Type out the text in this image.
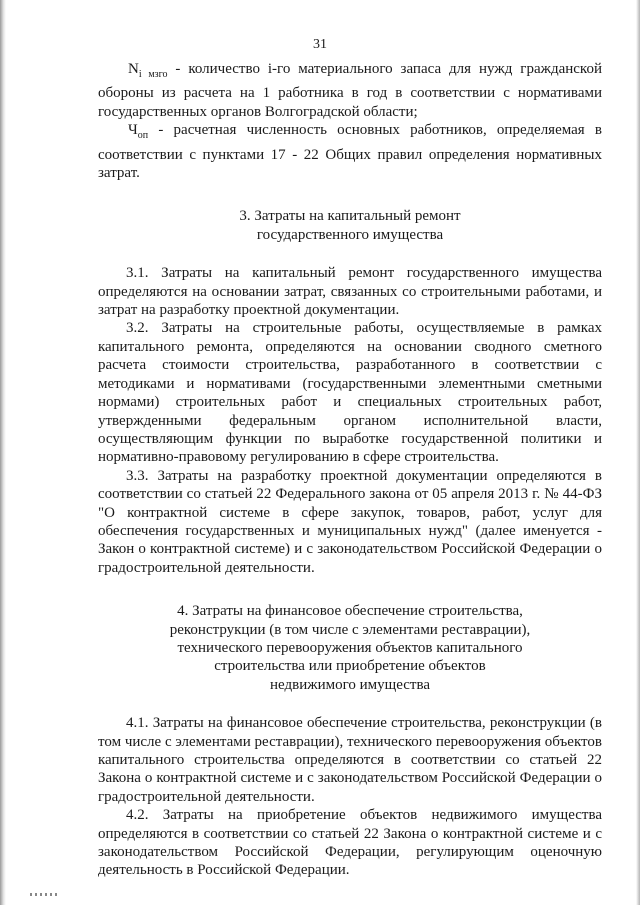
31

$N_{i мзго}$ - количество i-го материального запаса для нужд гражданской обороны из расчета на 1 работника в год в соответствии с нормативами государственных органов Волгоградской области;

$Ч_{оп}$ - расчетная численность основных работников, определяемая в соответствии с пунктами 17 - 22 Общих правил определения нормативных затрат.

3. Затраты на капитальный ремонт
государственного имущества

3.1. Затраты на капитальный ремонт государственного имущества определяются на основании затрат, связанных со строительными работами, и затрат на разработку проектной документации.

3.2. Затраты на строительные работы, осуществляемые в рамках капитального ремонта, определяются на основании сводного сметного расчета стоимости строительства, разработанного в соответствии с методиками и нормативами (государственными элементными сметными нормами) строительных работ и специальных строительных работ, утвержденными федеральным органом исполнительной власти, осуществляющим функции по выработке государственной политики и нормативно-правовому регулированию в сфере строительства.

3.3. Затраты на разработку проектной документации определяются в соответствии со статьей 22 Федерального закона от 05 апреля 2013 г. № 44-ФЗ "О контрактной системе в сфере закупок, товаров, работ, услуг для обеспечения государственных и муниципальных нужд" (далее именуется - Закон о контрактной системе) и с законодательством Российской Федерации о градостроительной деятельности.

4. Затраты на финансовое обеспечение строительства,
реконструкции (в том числе с элементами реставрации),
технического перевооружения объектов капитального
строительства или приобретение объектов
недвижимого имущества

4.1. Затраты на финансовое обеспечение строительства, реконструкции (в том числе с элементами реставрации), технического перевооружения объектов капитального строительства определяются в соответствии со статьей 22 Закона о контрактной системе и с законодательством Российской Федерации о градостроительной деятельности.

4.2. Затраты на приобретение объектов недвижимого имущества определяются в соответствии со статьей 22 Закона о контрактной системе и с законодательством Российской Федерации, регулирующим оценочную деятельность в Российской Федерации.
